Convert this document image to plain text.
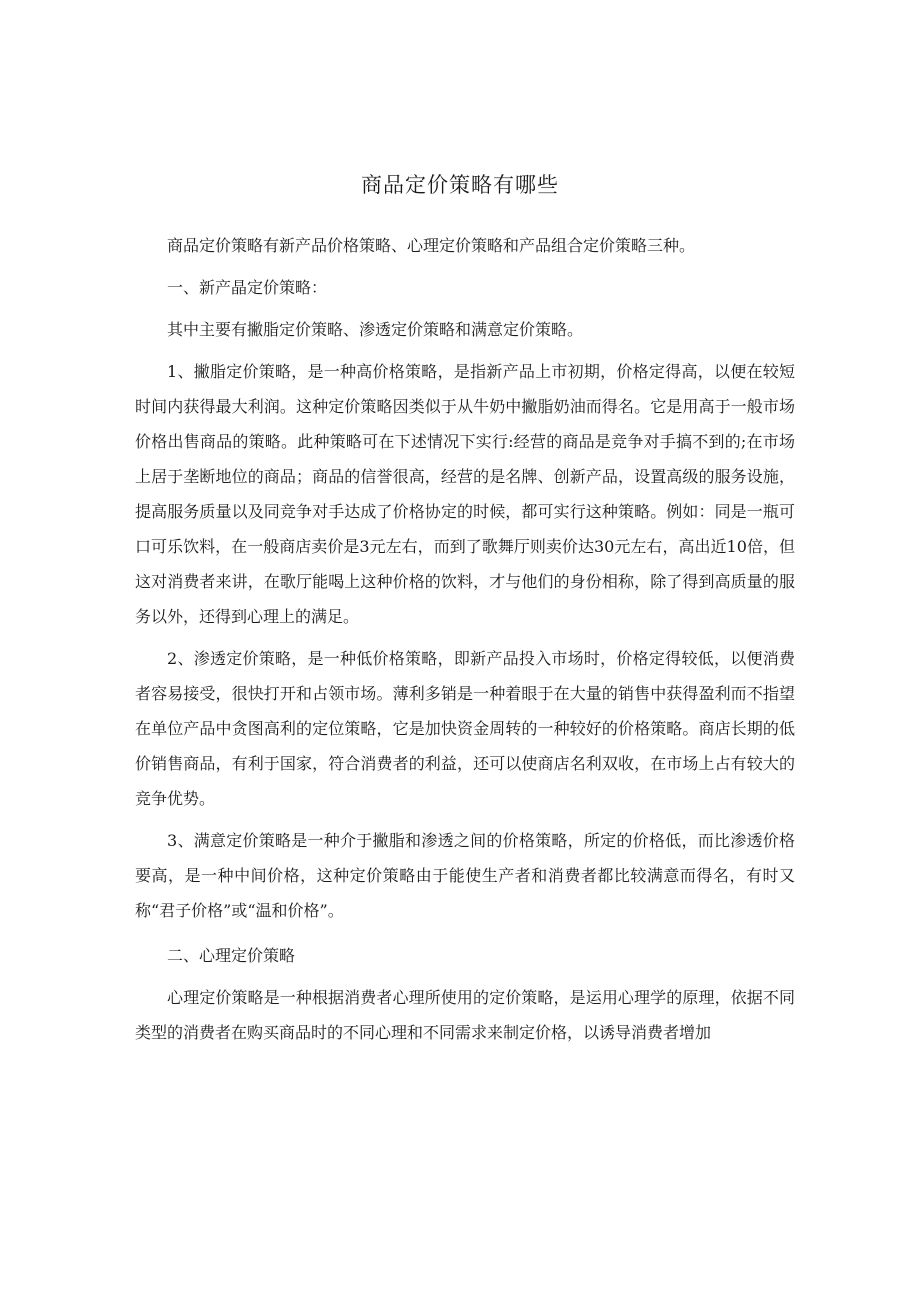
商品定价策略有哪些

商品定价策略有新产品价格策略、心理定价策略和产品组合定价策略三种。

一、新产晶定价策略：

其中主要有撇脂定价策略、渗透定价策略和满意定价策略。

1、撇脂定价策略，是一种高价格策略，是指新产品上市初期，价格定得高，以便在较短时间内获得最大利润。这种定价策略因类似于从牛奶中撇脂奶油而得名。它是用高于一般市场价格出售商品的策略。此种策略可在下述情况下实行:经营的商品是竞争对手搞不到的;在市场上居于垄断地位的商品；商品的信誉很高，经营的是名牌、创新产品，设置高级的服务设施，提高服务质量以及同竞争对手达成了价格协定的时候，都可实行这种策略。例如：同是一瓶可口可乐饮料，在一般商店卖价是3元左右，而到了歌舞厅则卖价达30元左右，高出近10倍，但这对消费者来讲，在歌厅能喝上这种价格的饮料，才与他们的身份相称，除了得到高质量的服务以外，还得到心理上的满足。

2、渗透定价策略，是一种低价格策略，即新产品投入市场时，价格定得较低，以便消费者容易接受，很快打开和占领市场。薄利多销是一种着眼于在大量的销售中获得盈利而不指望在单位产品中贪图高利的定位策略，它是加快资金周转的一种较好的价格策略。商店长期的低价销售商品，有利于国家，符合消费者的利益，还可以使商店名利双收，在市场上占有较大的竞争优势。

3、满意定价策略是一种介于撇脂和渗透之间的价格策略，所定的价格低，而比渗透价格要高，是一种中间价格，这种定价策略由于能使生产者和消费者都比较满意而得名，有时又称“君子价格”或“温和价格”。

二、心理定价策略

心理定价策略是一种根据消费者心理所使用的定价策略，是运用心理学的原理，依据不同类型的消费者在购买商品时的不同心理和不同需求来制定价格，以诱导消费者增加
